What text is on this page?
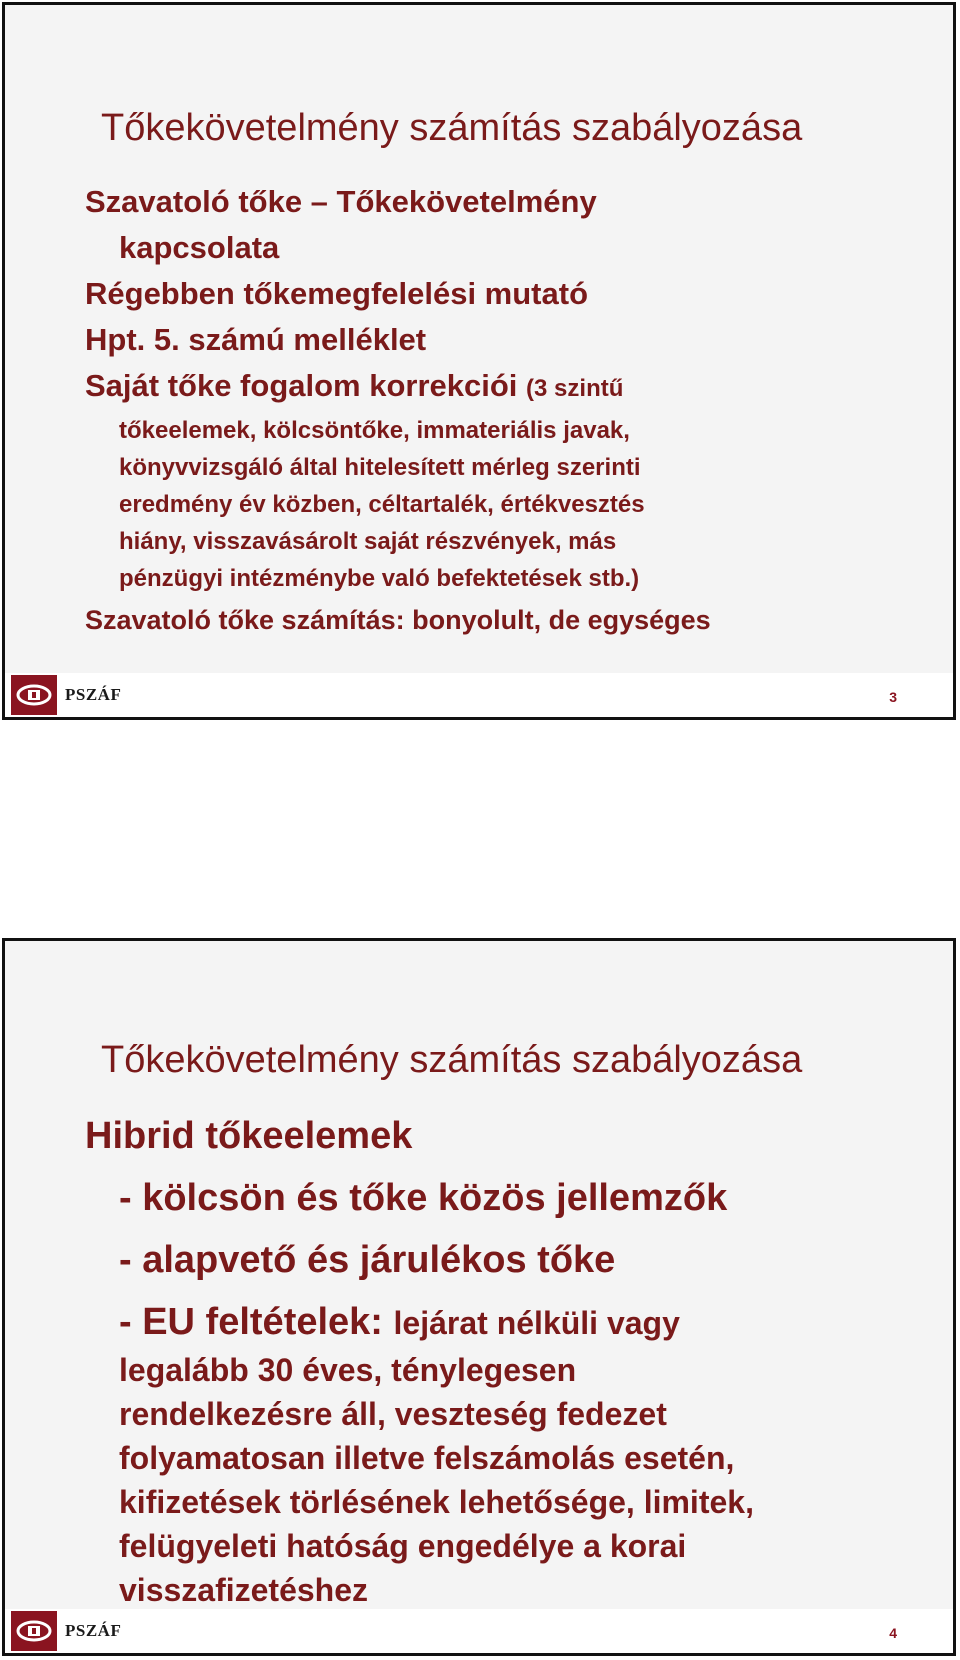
Tőkekövetelmény számítás szabályozása
Szavatoló tőke – Tőkekövetelmény
kapcsolata
Régebben tőkemegfelelési mutató
Hpt. 5. számú melléklet
Saját tőke fogalom korrekciói (3 szintű
tőkeelemek, kölcsöntőke, immateriális javak,
könyvvizsgáló által hitelesített mérleg szerinti
eredmény év közben, céltartalék, értékvesztés
hiány, visszavásárolt saját részvények, más
pénzügyi intézménybe való befektetések stb.)
Szavatoló tőke számítás: bonyolult, de egységes
PSZÁF	3
Tőkekövetelmény számítás szabályozása
Hibrid tőkeelemek
- kölcsön és tőke közös jellemzők
- alapvető és járulékos tőke
- EU feltételek: lejárat nélküli vagy
legalább 30 éves, ténylegesen
rendelkezésre áll, veszteség fedezet
folyamatosan illetve felszámolás esetén,
kifizetések törlésének lehetősége, limitek,
felügyeleti hatóság engedélye a korai
visszafizetéshez
PSZÁF	4
